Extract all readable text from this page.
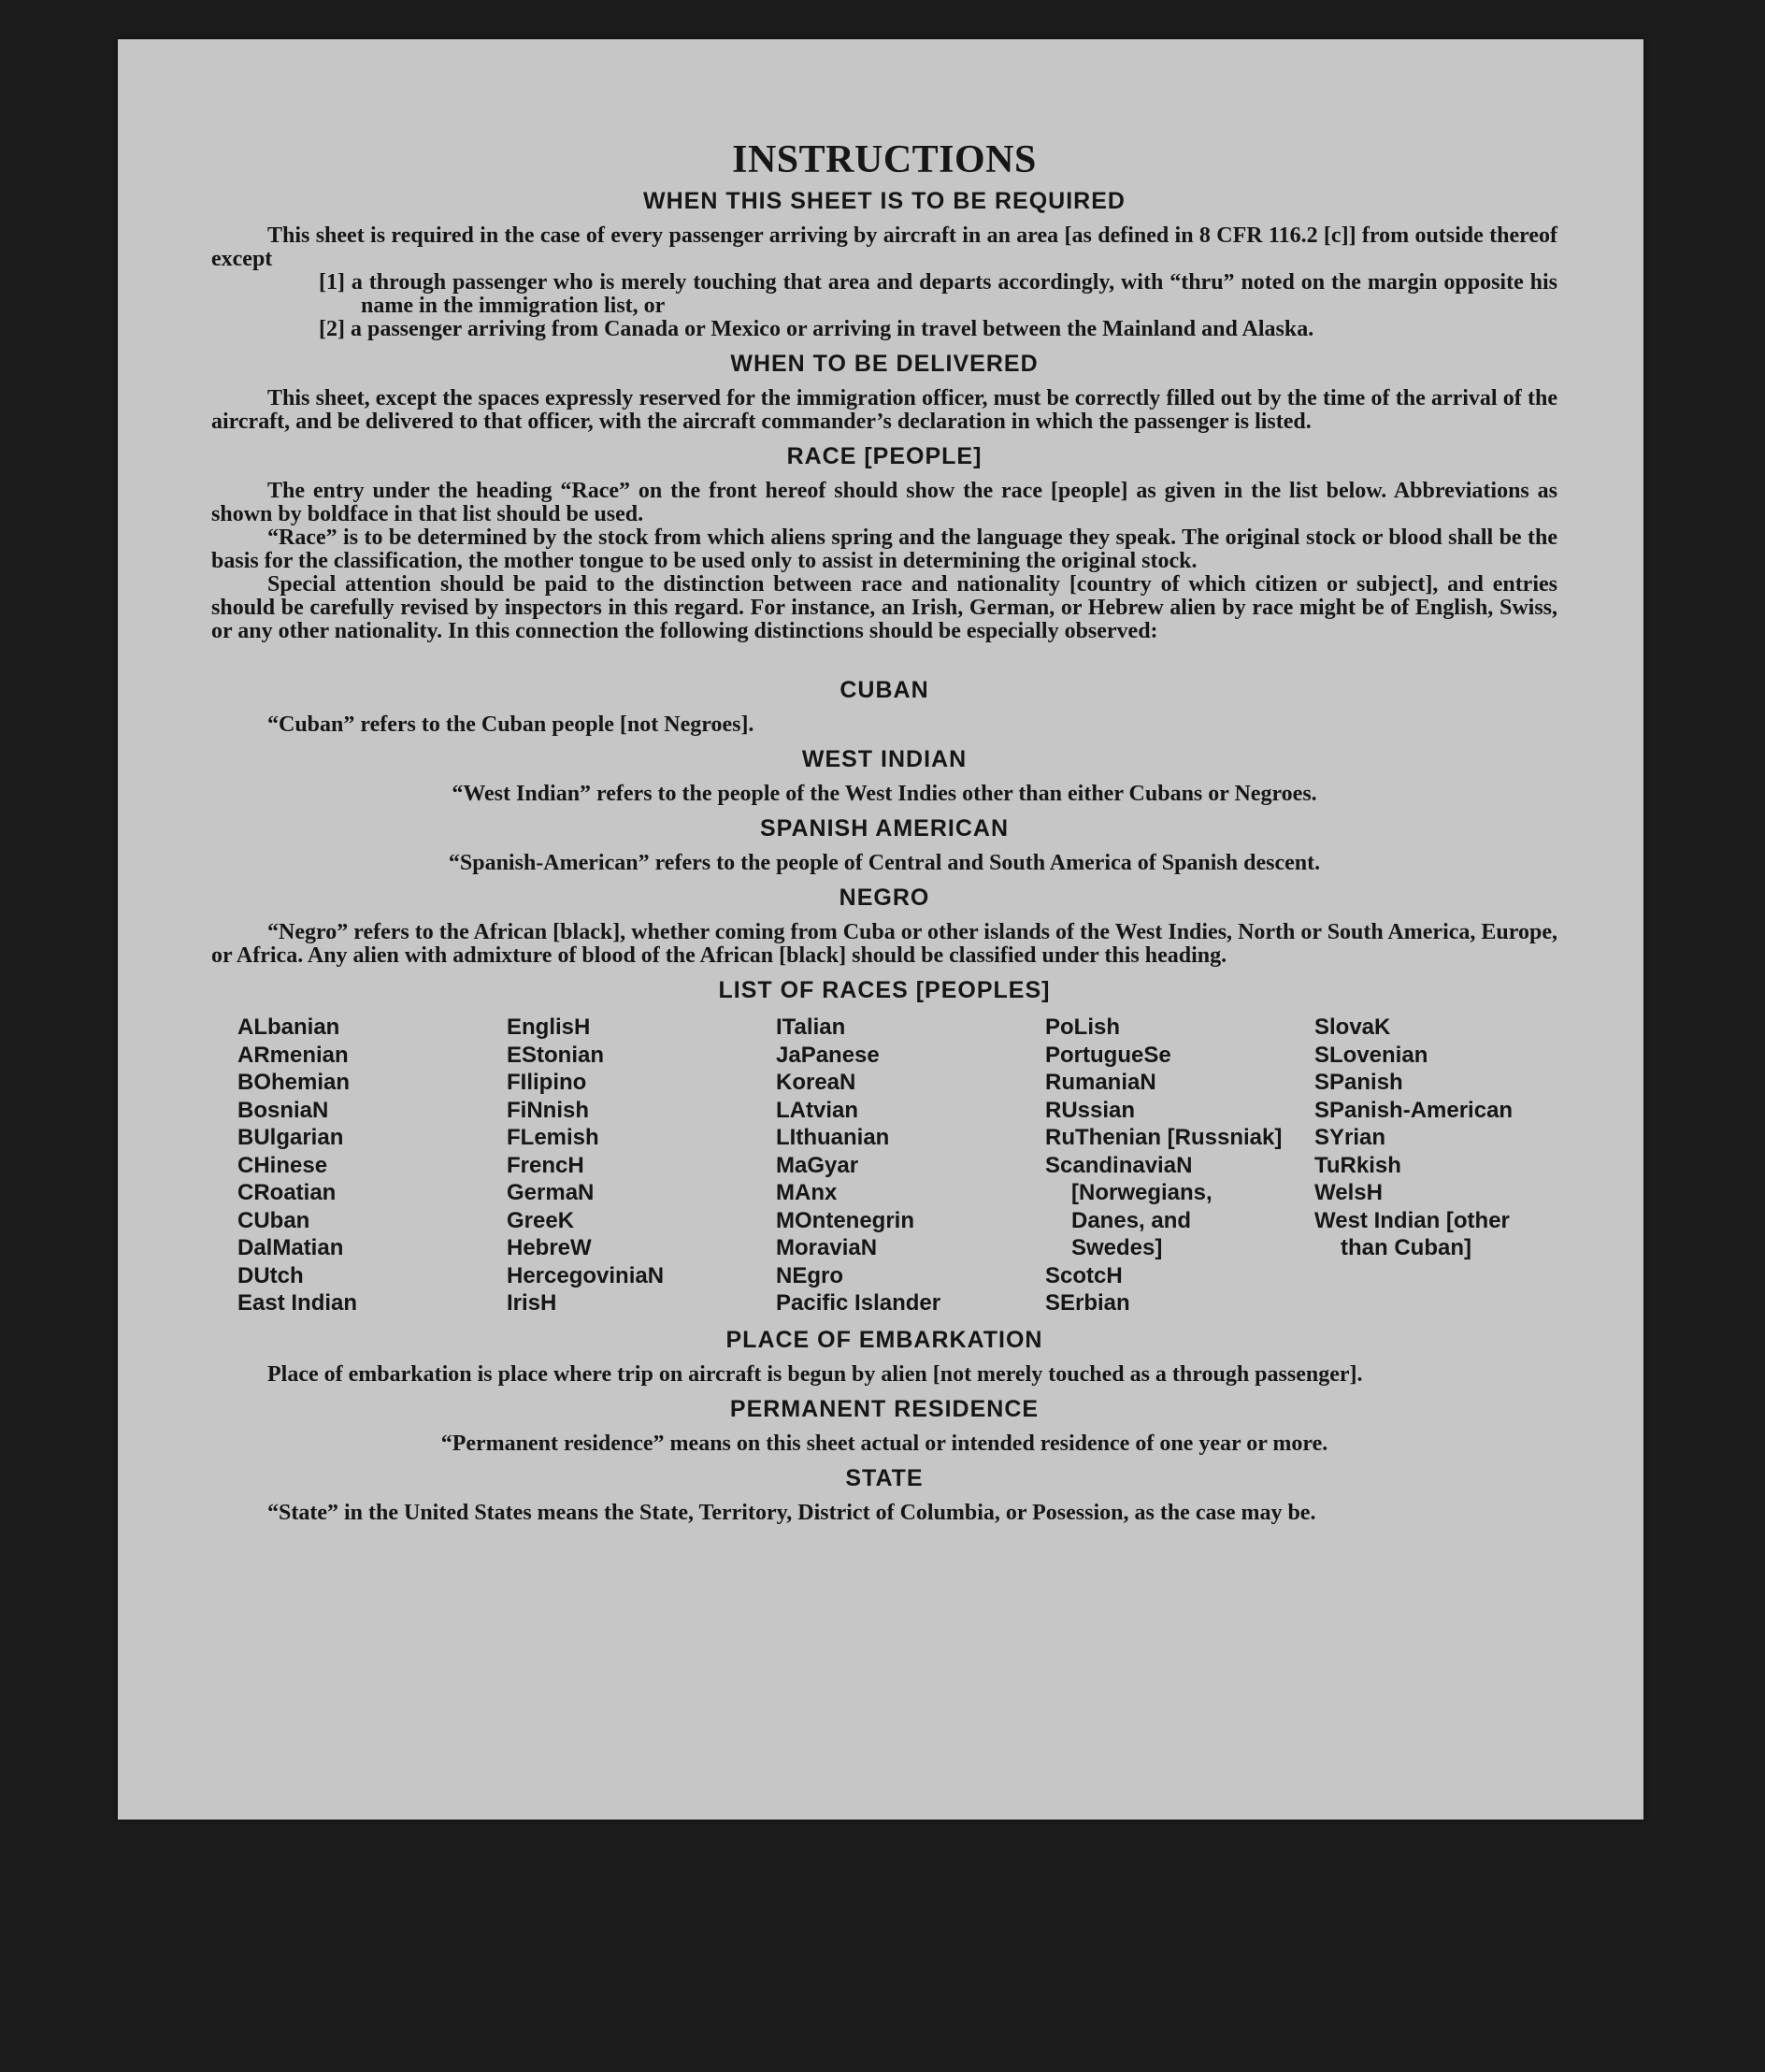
INSTRUCTIONS
WHEN THIS SHEET IS TO BE REQUIRED

This sheet is required in the case of every passenger arriving by aircraft in an area [as defined in 8 CFR 116.2 [c]] from outside thereof except

[1] a through passenger who is merely touching that area and departs accordingly, with “thru” noted on the margin opposite his name in the immigration list, or

[2] a passenger arriving from Canada or Mexico or arriving in travel between the Mainland and Alaska.

WHEN TO BE DELIVERED

This sheet, except the spaces expressly reserved for the immigration officer, must be correctly filled out by the time of the arrival of the aircraft, and be delivered to that officer, with the aircraft commander’s declaration in which the passenger is listed.

RACE [PEOPLE]

The entry under the heading “Race” on the front hereof should show the race [people] as given in the list below. Abbreviations as shown by boldface in that list should be used.

“Race” is to be determined by the stock from which aliens spring and the language they speak. The original stock or blood shall be the basis for the classification, the mother tongue to be used only to assist in determining the original stock.

Special attention should be paid to the distinction between race and nationality [country of which citizen or subject], and entries should be carefully revised by inspectors in this regard. For instance, an Irish, German, or Hebrew alien by race might be of English, Swiss, or any other nationality. In this connection the following distinctions should be especially observed:

CUBAN

“Cuban” refers to the Cuban people [not Negroes].

WEST INDIAN

“West Indian” refers to the people of the West Indies other than either Cubans or Negroes.

SPANISH AMERICAN

“Spanish-American” refers to the people of Central and South America of Spanish descent.

NEGRO

“Negro” refers to the African [black], whether coming from Cuba or other islands of the West Indies, North or South America, Europe, or Africa. Any alien with admixture of blood of the African [black] should be classified under this heading.

LIST OF RACES [PEOPLES]
ALbanian
ARmenian
BOhemian
BosniaN
BUlgarian
CHinese
CRoatian
CUban
DalMatian
DUtch
East Indian
EnglisH
EStonian
FIlipino
FiNnish
FLemish
FrencH
GermaN
GreeK
HebreW
HercegoviniaN
IrisH
ITalian
JaPanese
KoreaN
LAtvian
LIthuanian
MaGyar
MAnx
MOntenegrin
MoraviaN
NEgro
Pacific Islander
PoLish
PortugueSe
RumaniaN
RUssian
RuThenian [Russniak]
ScandinaviaN [Norwegians, Danes, and Swedes]
ScotcH
SErbian
SlovaK
SLovenian
SPanish
SPanish-American
SYrian
TuRkish
WelsH
West Indian [other than Cuban]
PLACE OF EMBARKATION

Place of embarkation is place where trip on aircraft is begun by alien [not merely touched as a through passenger].

PERMANENT RESIDENCE

“Permanent residence” means on this sheet actual or intended residence of one year or more.

STATE

“State” in the United States means the State, Territory, District of Columbia, or Posession, as the case may be.
